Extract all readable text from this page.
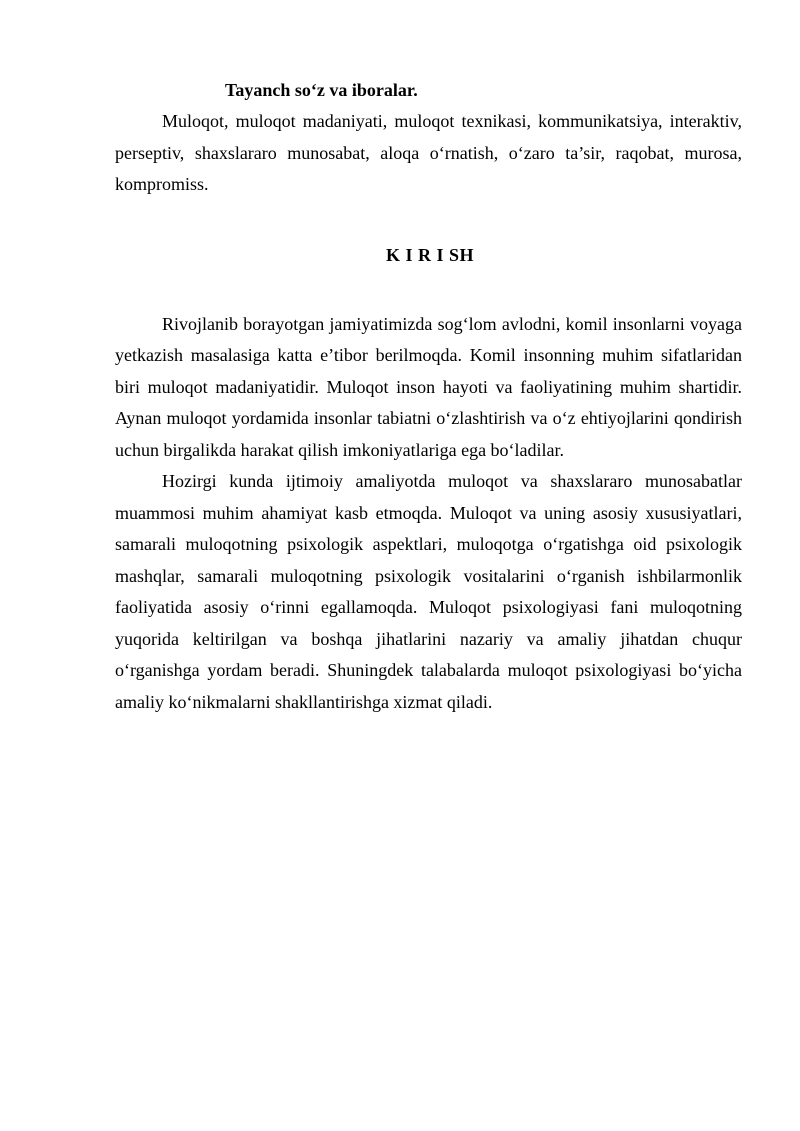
Tayanch so‘z va iboralar.

Muloqot, muloqot madaniyati, muloqot texnikasi, kommunikatsiya, interaktiv, perseptiv, shaxslararo munosabat, aloqa o‘rnatish, o‘zaro ta’sir, raqobat, murosa, kompromiss.

K I R I SH

Rivojlanib borayotgan jamiyatimizda sog‘lom avlodni, komil insonlarni voyaga yetkazish masalasiga katta e’tibor berilmoqda. Komil insonning muhim sifatlaridan biri muloqot madaniyatidir. Muloqot inson hayoti va faoliyatining muhim shartidir. Aynan muloqot yordamida insonlar tabiatni o‘zlashtirish va o‘z ehtiyojlarini qondirish uchun birgalikda harakat qilish imkoniyatlariga ega bo‘ladilar.

Hozirgi kunda ijtimoiy amaliyotda muloqot va shaxslararo munosabatlar muammosi muhim ahamiyat kasb etmoqda. Muloqot va uning asosiy xususiyatlari, samarali muloqotning psixologik aspektlari, muloqotga o‘rgatishga oid psixologik mashqlar, samarali muloqotning psixologik vositalarini o‘rganish ishbilarmonlik faoliyatida asosiy o‘rinni egallamoqda. Muloqot psixologiyasi fani muloqotning yuqorida keltirilgan va boshqa jihatlarini nazariy va amaliy jihatdan chuqur o‘rganishga yordam beradi. Shuningdek talabalarda muloqot psixologiyasi bo‘yicha amaliy ko‘nikmalarni shakllantirishga xizmat qiladi.
